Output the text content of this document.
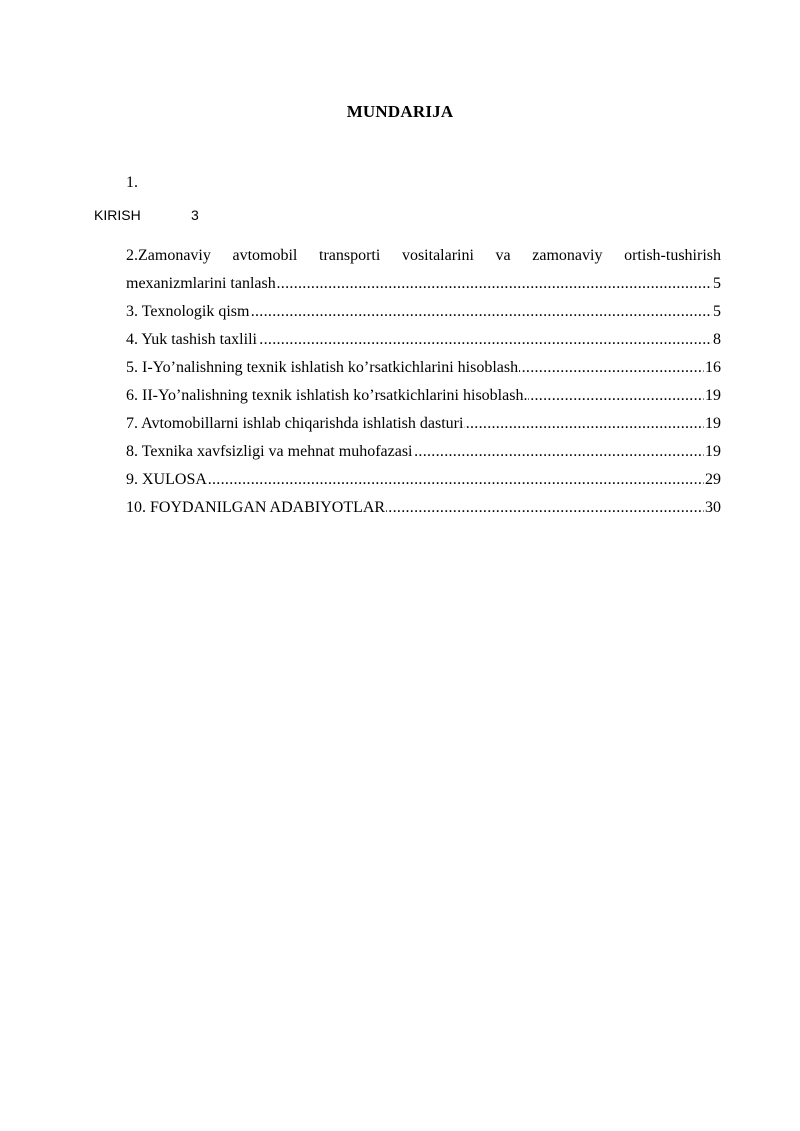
MUNDARIJA
1.
KIRISH	3
2.Zamonaviy avtomobil transporti vositalarini va zamonaviy ortish-tushirish
.....
mexanizmlarini tanlash	5
.....
3. Texnologik qism	5
.....
4. Yuk tashish taxlili	8
.....
5. I-Yo’nalishning texnik ishlatish ko’rsatkichlarini hisoblash	16
.....
6. II-Yo’nalishning texnik ishlatish ko’rsatkichlarini hisoblash.	19
.....
7. Avtomobillarni ishlab chiqarishda ishlatish dasturi	19
.....
8. Texnika xavfsizligi va mehnat muhofazasi	19
.....
9. XULOSA	29
.....
10. FOYDANILGAN ADABIYOTLAR	30
